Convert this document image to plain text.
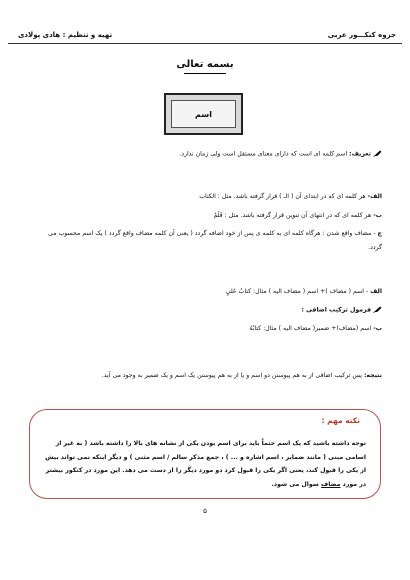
جزوه کنکـــور عربی
تهیه و تنظیم : هادی پولادی
بسمه تعالی
اسم
تعریف: اسم کلمه ای است که دارای معنای مستقل است ولی زمان ندارد.
الف- هر کلمه ای که در ابتدای آن ( الـ ) قرار گرفته باشد. مثل : الکتاب
ب- هر کلمه ای که در انتهای آن تنوین قرار گرفته باشد. مثل : قَلَمٌ
ج - مضاف واقع شدن : هرگاه کلمه ای به کلمه ی پس از خود اضافه گردد ( یعنی آن کلمه مضاف واقع گردد ) یک اسم محسوب می گردد.
الف - اسم ( مضاف )+ اسم ( مضاف الیه ) مثال: کتابُ عَلیٍ
فرمول ترکیب اضافی :
ب- اسم (مضاف)+ ضمیر( مضاف الیه ) مثال: کتابُهُ
نتیجه: پس ترکیب اضافی از به هم پیوستن دو اسم و یا از به هم پیوستن یک اسم و یک ضمیر به وجود می آید.
نکته مهم :
توجه داشته باشید که یک اسم حتماً باید برای اسم بودن یکی از نشانه های بالا را داشته باشد ( به غیر از اسامی مبنی ( مانند ضمایر ، اسم اشاره و ... ) ، جمع مذکر سالم / اسم مثنی ) و دیگر اینکه نمی تواند بیش از یکی را قبول کند، یعنی اگر یکی را قبول کرد دو مورد دیگر را از دست می دهد. این مورد در کنکور بیشتر در مورد مضاف سوال می شود.
۵
